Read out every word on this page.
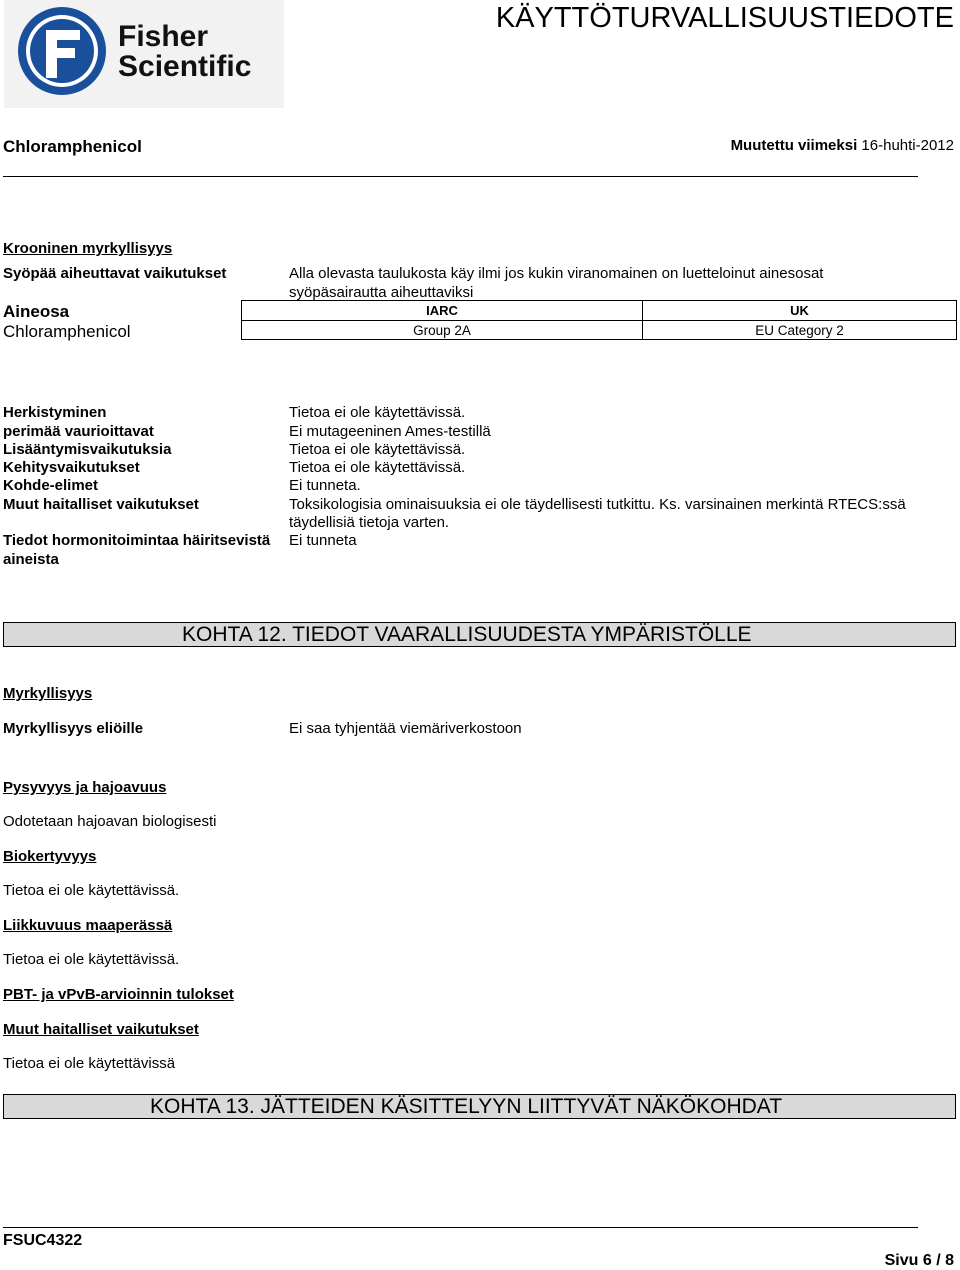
Fisher
Scientific
KÄYTTÖTURVALLISUUSTIEDOTE
Chloramphenicol	Muutettu viimeksi 16-huhti-2012
Krooninen myrkyllisyys
Syöpää aiheuttavat vaikutukset	Alla olevasta taulukosta käy ilmi jos kukin viranomainen on luetteloinut ainesosat
syöpäsairautta aiheuttaviksi
Aineosa
Chloramphenicol
IARC	UK
Group 2A	EU Category 2
Herkistyminen	Tietoa ei ole käytettävissä.
perimää vaurioittavat	Ei mutageeninen Ames-testillä
Lisääntymisvaikutuksia	Tietoa ei ole käytettävissä.
Kehitysvaikutukset	Tietoa ei ole käytettävissä.
Kohde-elimet	Ei tunneta.
Muut haitalliset vaikutukset	Toksikologisia ominaisuuksia ei ole täydellisesti tutkittu. Ks. varsinainen merkintä RTECS:ssä
täydellisiä tietoja varten.
Tiedot hormonitoimintaa häiritsevistä
aineista
Ei tunneta
KOHTA 12. TIEDOT VAARALLISUUDESTA YMPÄRISTÖLLE
Myrkyllisyys
Myrkyllisyys eliöille	Ei saa tyhjentää viemäriverkostoon
Pysyvyys ja hajoavuus
Odotetaan hajoavan biologisesti
Biokertyvyys
Tietoa ei ole käytettävissä.
Liikkuvuus maaperässä
Tietoa ei ole käytettävissä.
PBT- ja vPvB-arvioinnin tulokset
Muut haitalliset vaikutukset
Tietoa ei ole käytettävissä
KOHTA 13. JÄTTEIDEN KÄSITTELYYN LIITTYVÄT NÄKÖKOHDAT
FSUC4322
Sivu 6 / 8
